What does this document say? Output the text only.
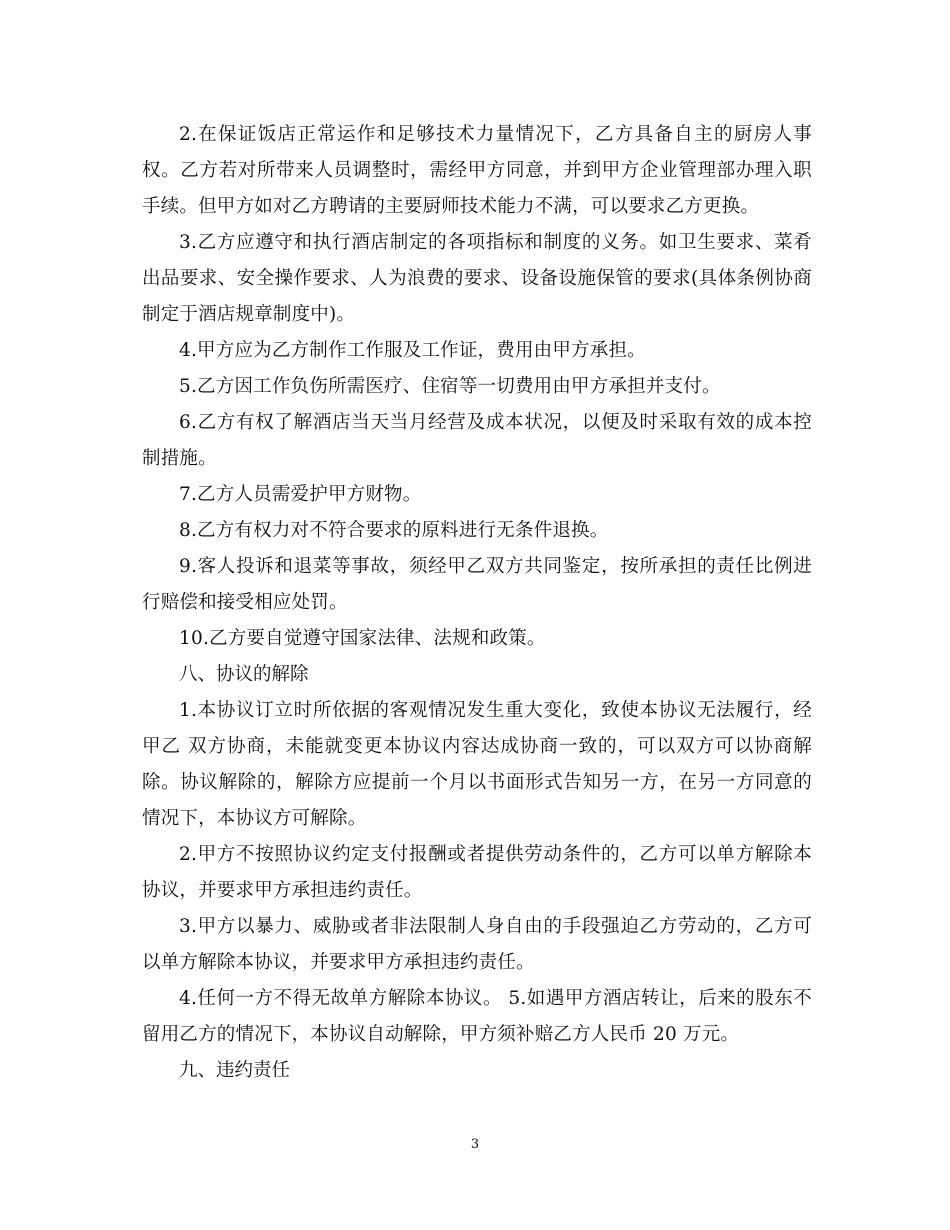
2.在保证饭店正常运作和足够技术力量情况下，乙方具备自主的厨房人事权。乙方若对所带来人员调整时，需经甲方同意，并到甲方企业管理部办理入职手续。但甲方如对乙方聘请的主要厨师技术能力不满，可以要求乙方更换。

3.乙方应遵守和执行酒店制定的各项指标和制度的义务。如卫生要求、菜肴出品要求、安全操作要求、人为浪费的要求、设备设施保管的要求(具体条例协商制定于酒店规章制度中)。

4.甲方应为乙方制作工作服及工作证，费用由甲方承担。

5.乙方因工作负伤所需医疗、住宿等一切费用由甲方承担并支付。

6.乙方有权了解酒店当天当月经营及成本状况，以便及时采取有效的成本控制措施。

7.乙方人员需爱护甲方财物。

8.乙方有权力对不符合要求的原料进行无条件退换。

9.客人投诉和退菜等事故，须经甲乙双方共同鉴定，按所承担的责任比例进行赔偿和接受相应处罚。

10.乙方要自觉遵守国家法律、法规和政策。

八、协议的解除

1.本协议订立时所依据的客观情况发生重大变化，致使本协议无法履行，经甲乙 双方协商，未能就变更本协议内容达成协商一致的，可以双方可以协商解除。协议解除的，解除方应提前一个月以书面形式告知另一方，在另一方同意的情况下，本协议方可解除。

2.甲方不按照协议约定支付报酬或者提供劳动条件的，乙方可以单方解除本协议，并要求甲方承担违约责任。

3.甲方以暴力、威胁或者非法限制人身自由的手段强迫乙方劳动的，乙方可以单方解除本协议，并要求甲方承担违约责任。

4.任何一方不得无故单方解除本协议。 5.如遇甲方酒店转让，后来的股东不留用乙方的情况下，本协议自动解除，甲方须补赔乙方人民币 20 万元。

九、违约责任

3
